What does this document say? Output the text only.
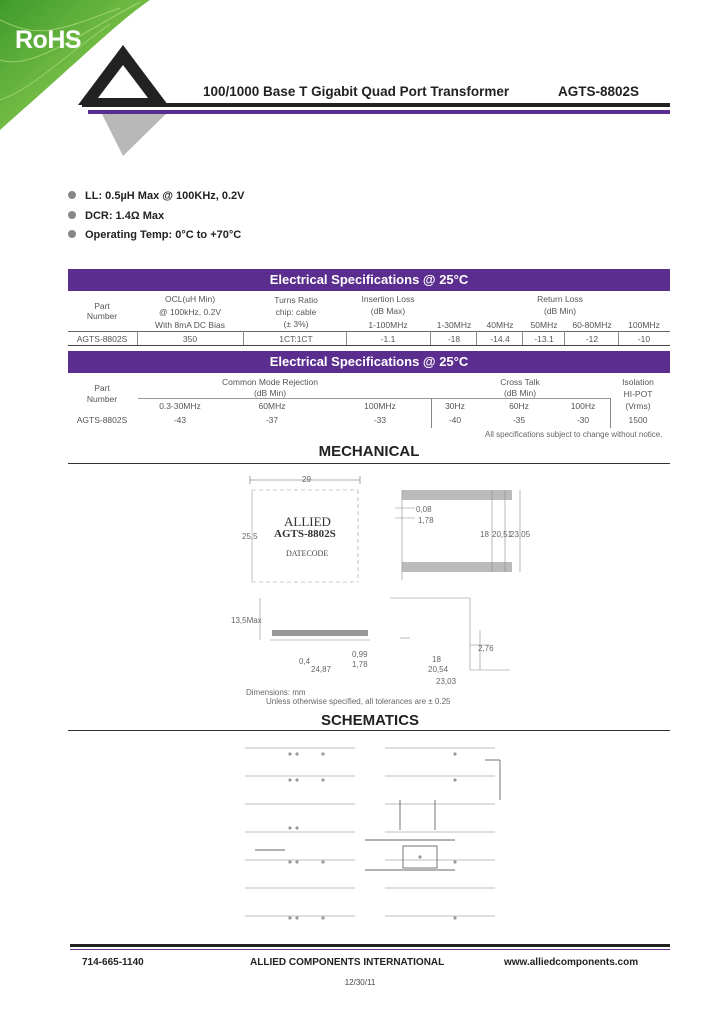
RoHS
100/1000 Base T Gigabit Quad Port Transformer	AGTS-8802S
LL: 0.5µH Max @ 100KHz, 0.2V
DCR: 1.4Ω Max
Operating Temp: 0°C to +70°C
Electrical Specifications @ 25°C
Part
Number
OCL(uH Min)
@ 100kHz, 0.2V
With 8mA DC Bias
Turns Ratio
chip: cable
(± 3%)
Insertion Loss
(dB Max)
1-100MHz
Return Loss
(dB Min)
1-30MHz	40MHz	50MHz	60-80MHz	100MHz
AGTS-8802S	350	1CT:1CT	-1.1	-18	-14.4	-13.1	-12	-10
Electrical Specifications @ 25°C
Part
Number
Common Mode Rejection
(dB Min)
0.3-30MHz	60MHz	100MHz
Cross Talk
(dB Min)
30Hz	60Hz	100Hz
Isolation
HI-POT
(Vrms)
AGTS-8802S	-43	-37	-33	-40	-35	-30	1500
All specifications subject to change without notice.
MECHANICAL
29
25,5
ALLIED
AGTS-8802S
DATECODE
0,08
1,78
18 20,51
23,05
13,5Max
0,4
0,99
1,78
24,87
18
20,54
23,03
2,76
Dimensions: mm
Unless otherwise specified, all tolerances are ± 0.25
SCHEMATICS
714-665-1140	ALLIED COMPONENTS INTERNATIONAL	www.alliedcomponents.com
12/30/11
